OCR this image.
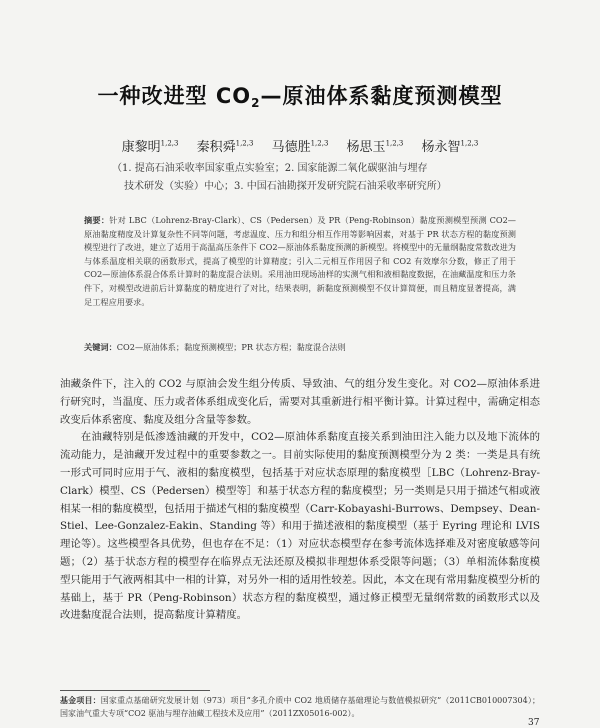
一种改进型 $CO_2—$原油体系黏度预测模型
康黎明$^{1,2,3}$ 秦积舜$^{1,2,3}$ 马德胜$^{1,2,3}$ 杨思玉$^{1,2,3}$ 杨永智$^{1,2,3}$
（1. 提高石油采收率国家重点实验室；2. 国家能源二氧化碳驱油与埋存
技术研发（实验）中心；3. 中国石油勘探开发研究院石油采收率研究所）
摘要：针对 LBC（Lohrenz-Bray-Clark）、CS（Pedersen）及 PR（Peng-Robinson）黏度预测模型预测 CO2—原油黏度精度及计算复杂性不同等问题，考虑温度、压力和组分相互作用等影响因素，对基于 PR 状态方程的黏度预测模型进行了改进，建立了适用于高温高压条件下 CO2—原油体系黏度预测的新模型。将模型中的无量纲黏度常数改进为与体系温度相关联的函数形式，提高了模型的计算精度；引入二元相互作用因子和 CO2 有效摩尔分数，修正了用于 CO2—原油体系混合体系计算时的黏度混合法则。采用油田现场油样的实测气相和液相黏度数据，在油藏温度和压力条件下，对模型改进前后计算黏度的精度进行了对比，结果表明，新黏度预测模型不仅计算简便，而且精度显著提高，满足工程应用要求。
关键词：CO2—原油体系；黏度预测模型；PR 状态方程；黏度混合法则

油藏条件下，注入的 CO2 与原油会发生组分传质、导致油、气的组分发生变化。对 CO2—原油体系进行研究时，当温度、压力或者体系组成变化后，需要对其重新进行相平衡计算。计算过程中，需确定相态改变后体系密度、黏度及组分含量等参数。

在油藏特别是低渗透油藏的开发中，CO2—原油体系黏度直接关系到油田注入能力以及地下流体的流动能力，是油藏开发过程中的重要参数之一。目前实际使用的黏度预测模型分为 2 类：一类是具有统一形式可同时应用于气、液相的黏度模型，包括基于对应状态原理的黏度模型［LBC（Lohrenz-Bray-Clark）模型、CS（Pedersen）模型等］和基于状态方程的黏度模型；另一类则是只用于描述气相或液相某一相的黏度模型，包括用于描述气相的黏度模型（Carr-Kobayashi-Burrows、Dempsey、Dean-Stiel、Lee-Gonzalez-Eakin、Standing 等）和用于描述液相的黏度模型（基于 Eyring 理论和 LVIS 理论等）。这些模型各具优势，但也存在不足：（1）对应状态模型存在参考流体选择难及对密度敏感等问题；（2）基于状态方程的模型存在临界点无法还原及模拟非理想体系受限等问题；（3）单相流体黏度模型只能用于气液两相其中一相的计算，对另外一相的适用性较差。因此，本文在现有常用黏度模型分析的基础上，基于 PR（Peng-Robinson）状态方程的黏度模型，通过修正模型无量纲常数的函数形式以及改进黏度混合法则，提高黏度计算精度。

基金项目：国家重点基础研究发展计划（973）项目“多孔介质中 CO2 地质储存基础理论与数值模拟研究”（2011CB010007304）；国家油气重大专项“CO2 驱油与埋存油藏工程技术及应用”（2011ZX05016-002）。
37
